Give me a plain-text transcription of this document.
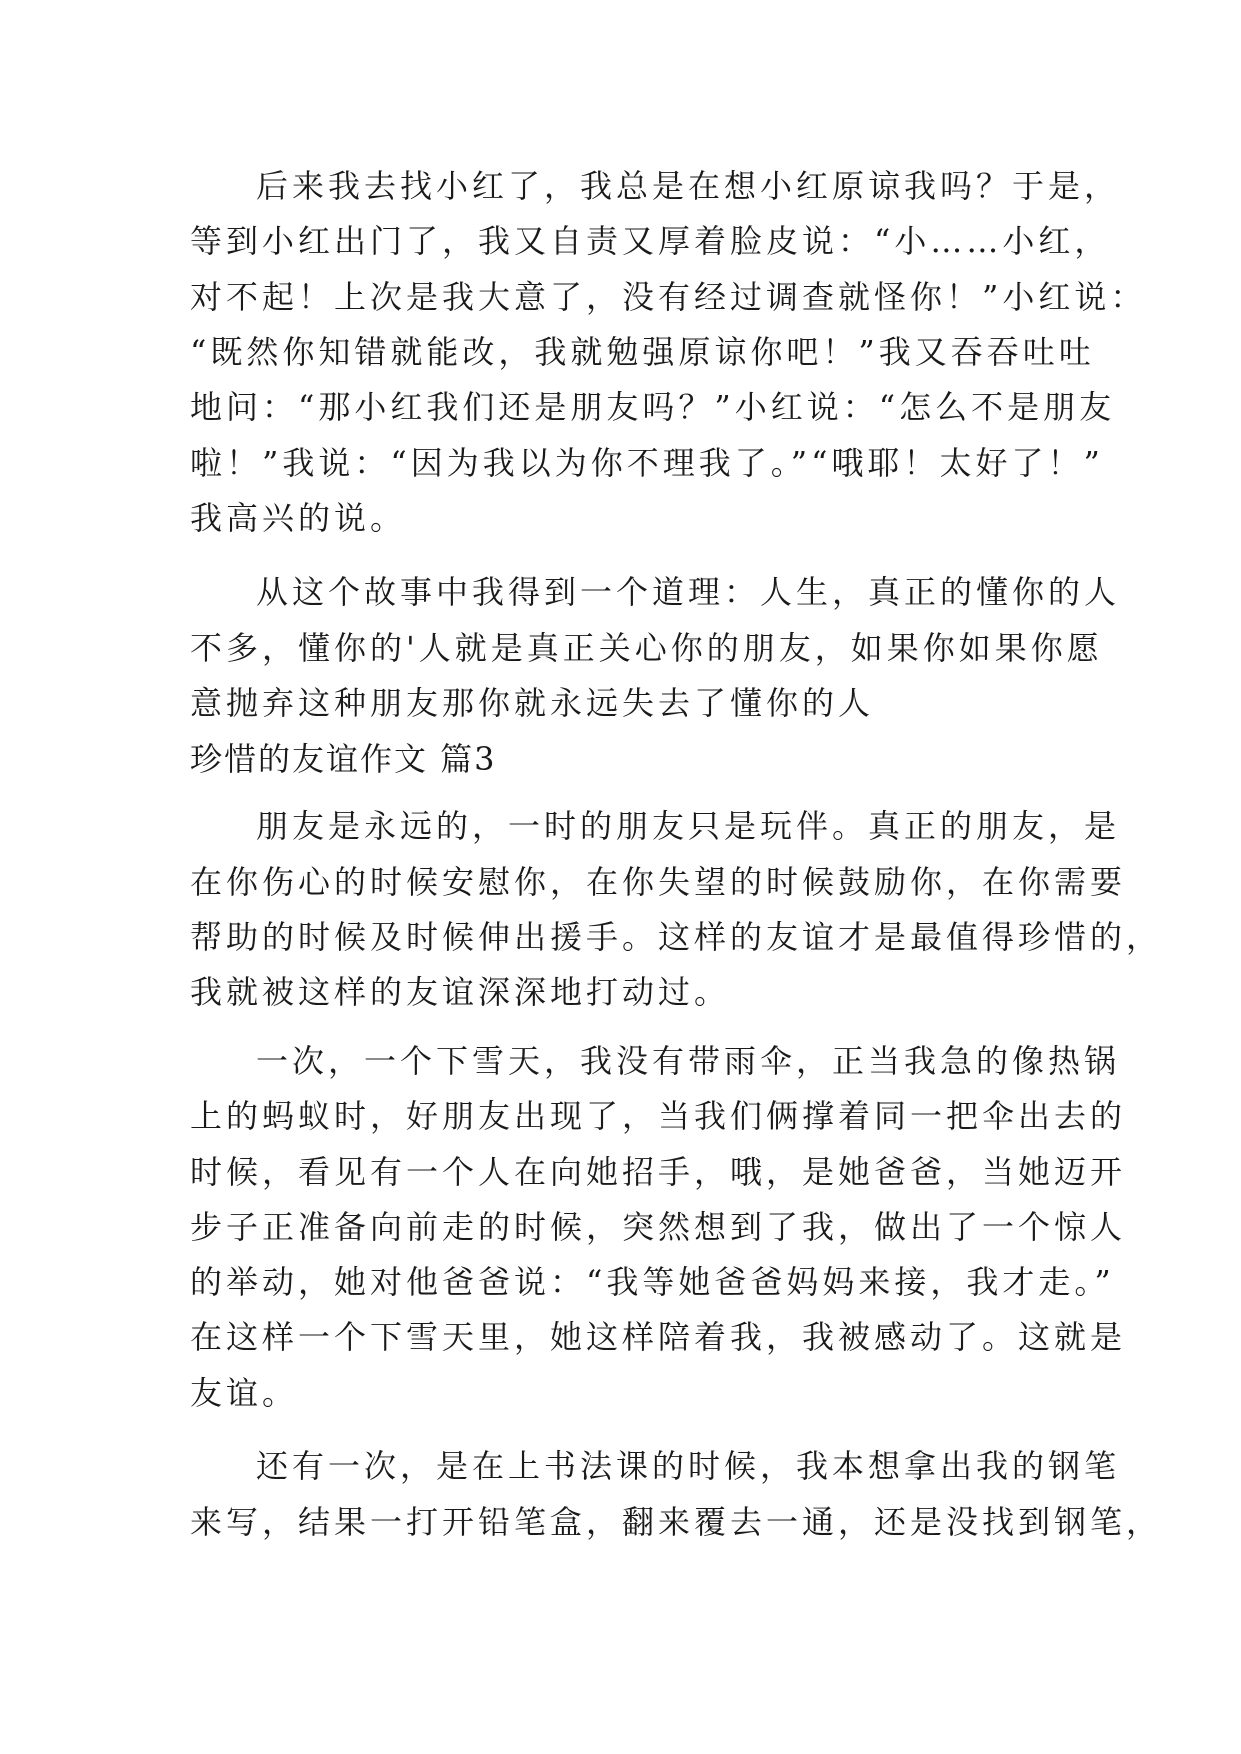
后来我去找小红了，我总是在想小红原谅我吗？于是，
等到小红出门了，我又自责又厚着脸皮说：“小……小红，
对不起！上次是我大意了，没有经过调查就怪你！”小红说：
“既然你知错就能改，我就勉强原谅你吧！”我又吞吞吐吐
地问：“那小红我们还是朋友吗？”小红说：“怎么不是朋友
啦！”我说：“因为我以为你不理我了。”“哦耶！太好了！”
我高兴的说。
从这个故事中我得到一个道理：人生，真正的懂你的人
不多，懂你的'人就是真正关心你的朋友，如果你如果你愿
意抛弃这种朋友那你就永远失去了懂你的人
珍惜的友谊作文 篇3
朋友是永远的，一时的朋友只是玩伴。真正的朋友，是
在你伤心的时候安慰你，在你失望的时候鼓励你，在你需要
帮助的时候及时候伸出援手。这样的友谊才是最值得珍惜的，
我就被这样的友谊深深地打动过。
一次，一个下雪天，我没有带雨伞，正当我急的像热锅
上的蚂蚁时，好朋友出现了，当我们俩撑着同一把伞出去的
时候，看见有一个人在向她招手，哦，是她爸爸，当她迈开
步子正准备向前走的时候，突然想到了我，做出了一个惊人
的举动，她对他爸爸说：“我等她爸爸妈妈来接，我才走。”
在这样一个下雪天里，她这样陪着我，我被感动了。这就是
友谊。
还有一次，是在上书法课的时候，我本想拿出我的钢笔
来写，结果一打开铅笔盒，翻来覆去一通，还是没找到钢笔，
